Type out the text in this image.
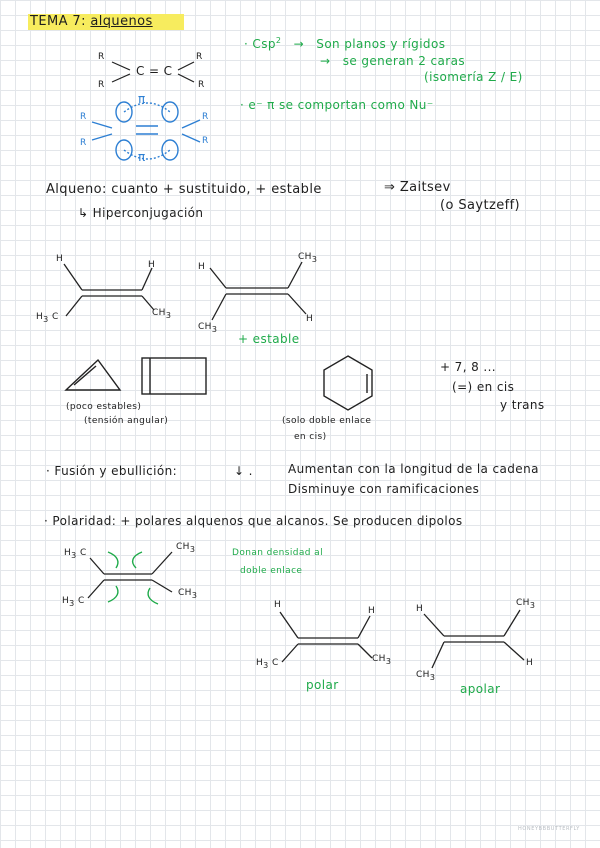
TEMA 7: alquenos
R
R
C = C
R
R
· Csp$^2$ → Son planos y rígidos
→ se generan 2 caras
(isomería Z / E)
· e⁻ π se comportan como Nu⁻
π
π
R
R
R
R
Alqueno: cuanto + sustituido, + estable	⇒ Zaitsev
(o Saytzeff)
↳ Hiperconjugación
H
H
H3 C	CH3
H
CH3
CH3
H
+ estable
(poco estables)
(tensión angular)	(solo doble enlace
en cis)
+ 7, 8 ...
(=) en cis
y trans
· Fusión y ebullición:	↓ .	Aumentan con la longitud de la cadena
Disminuye con ramificaciones
· Polaridad: + polares alquenos que alcanos. Se producen dipolos
Donan densidad al
doble enlace
H3 C
CH3
H3 C
CH3
H
H
H3 C	CH3
polar
H
CH3
CH3
H
apolar
HONEYBBBUTTERFLY
